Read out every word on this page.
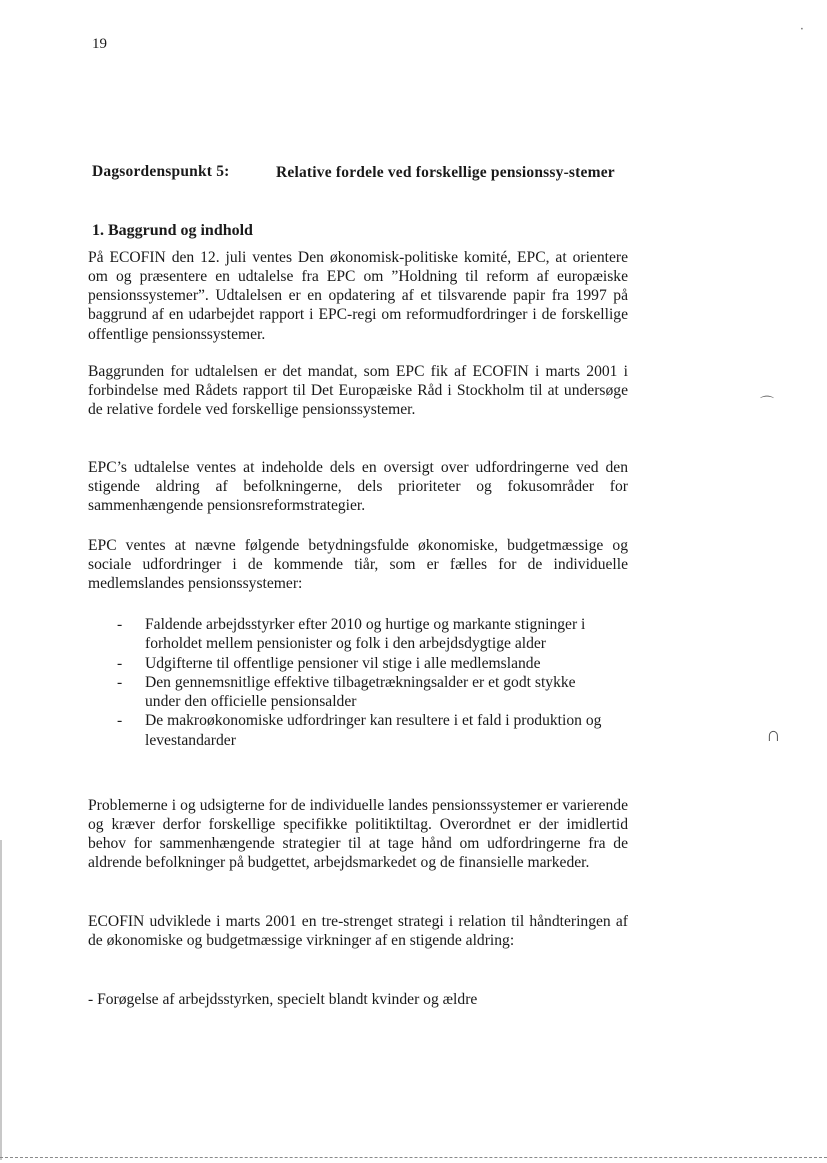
19
Dagsordenspunkt 5:	Relative fordele ved forskellige pensionssy-stemer
1. Baggrund og indhold

På ECOFIN den 12. juli ventes Den økonomisk-politiske komité, EPC, at orientere om og præsentere en udtalelse fra EPC om ”Holdning til reform af europæiske pensionssystemer”. Udtalelsen er en opdatering af et tilsvarende papir fra 1997 på baggrund af en udarbejdet rapport i EPC-regi om reformudfordringer i de forskellige offentlige pensionssystemer.

Baggrunden for udtalelsen er det mandat, som EPC fik af ECOFIN i marts 2001 i forbindelse med Rådets rapport til Det Europæiske Råd i Stockholm til at undersøge de relative fordele ved forskellige pensionssystemer.

EPC’s udtalelse ventes at indeholde dels en oversigt over udfordringerne ved den stigende aldring af befolkningerne, dels prioriteter og fokusområder for sammenhængende pensionsreformstrategier.

EPC ventes at nævne følgende betydningsfulde økonomiske, budgetmæssige og sociale udfordringer i de kommende tiår, som er fælles for de individuelle medlemslandes pensionssystemer:

- Faldende arbejdsstyrker efter 2010 og hurtige og markante stigninger i forholdet mellem pensionister og folk i den arbejdsdygtige alder
- Udgifterne til offentlige pensioner vil stige i alle medlemslande
- Den gennemsnitlige effektive tilbagetrækningsalder er et godt stykke under den officielle pensionsalder
- De makroøkonomiske udfordringer kan resultere i et fald i produktion og levestandarder

Problemerne i og udsigterne for de individuelle landes pensionssystemer er varierende og kræver derfor forskellige specifikke politiktiltag. Overordnet er der imidlertid behov for sammenhængende strategier til at tage hånd om udfordringerne fra de aldrende befolkninger på budgettet, arbejdsmarkedet og de finansielle markeder.

ECOFIN udviklede i marts 2001 en tre-strenget strategi i relation til håndteringen af de økonomiske og budgetmæssige virkninger af en stigende aldring:

- Forøgelse af arbejdsstyrken, specielt blandt kvinder og ældre

‧
⌒
∩
